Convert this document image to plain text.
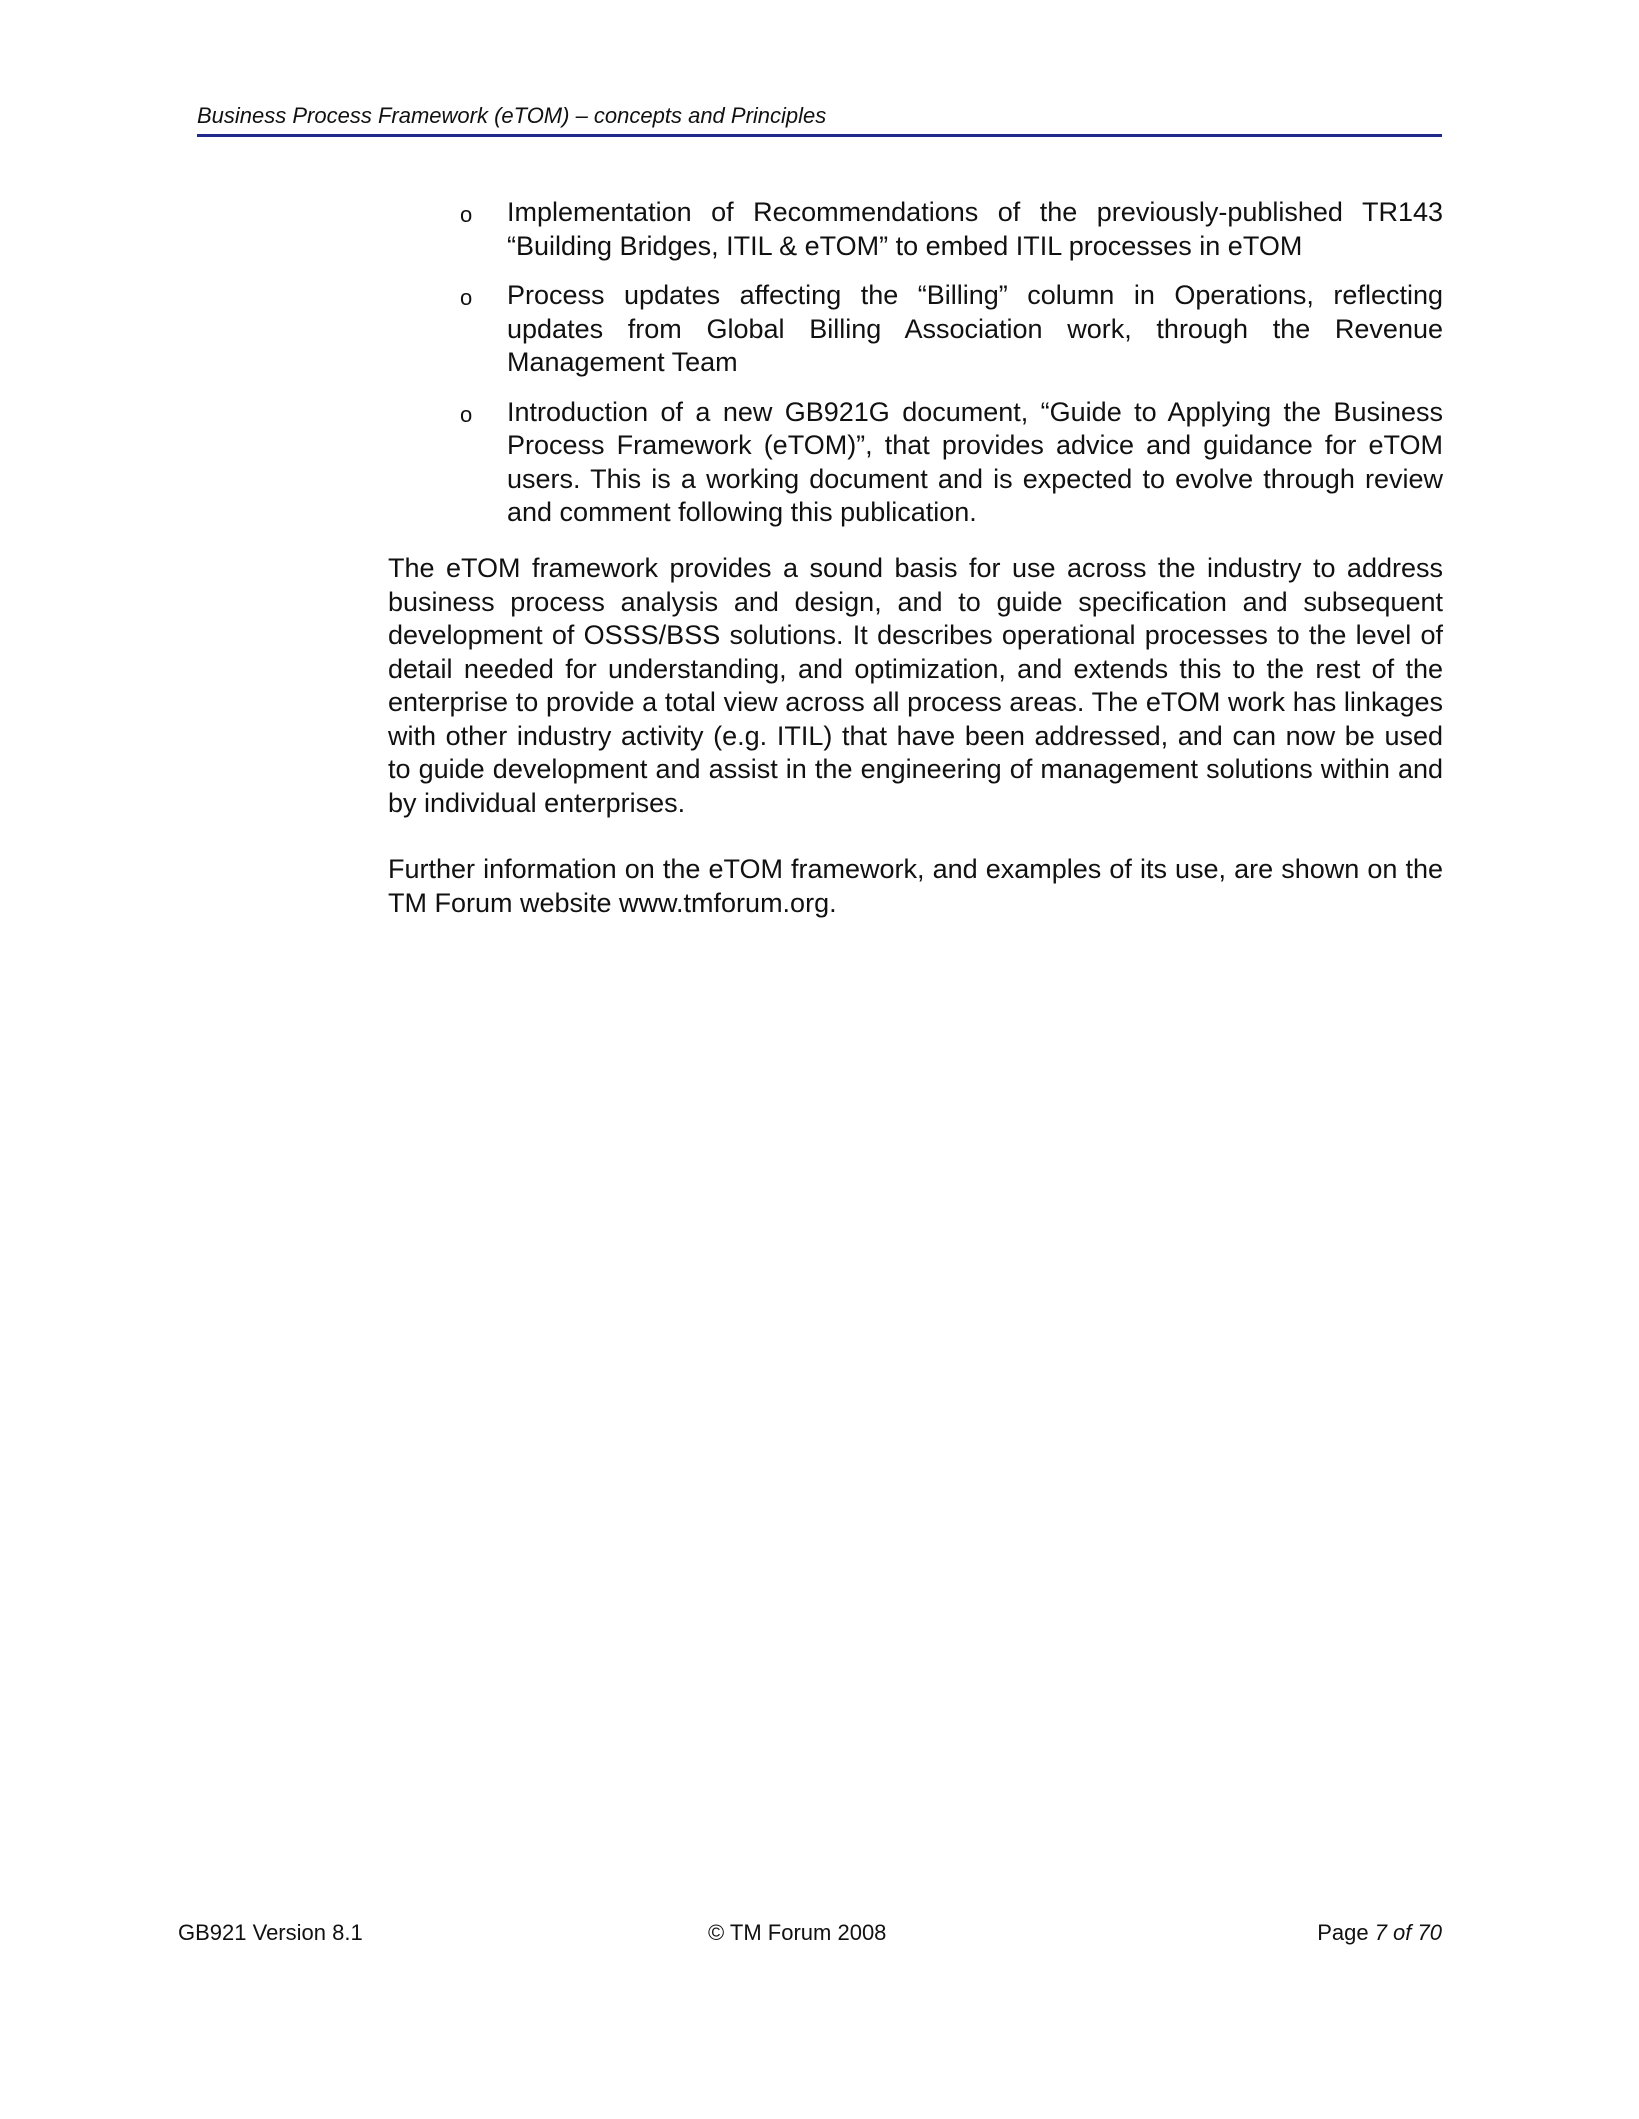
Business Process Framework (eTOM) – concepts and Principles
o Implementation of Recommendations of the previously-published TR143 “Building Bridges, ITIL & eTOM” to embed ITIL processes in eTOM
o Process updates affecting the “Billing” column in Operations, reflecting updates from Global Billing Association work, through the Revenue Management Team
o Introduction of a new GB921G document, “Guide to Applying the Business Process Framework (eTOM)”, that provides advice and guidance for eTOM users. This is a working document and is expected to evolve through review and comment following this publication.

The eTOM framework provides a sound basis for use across the industry to address business process analysis and design, and to guide specification and subsequent development of OSSS/BSS solutions. It describes operational processes to the level of detail needed for understanding, and optimization, and extends this to the rest of the enterprise to provide a total view across all process areas. The eTOM work has linkages with other industry activity (e.g. ITIL) that have been addressed, and can now be used to guide development and assist in the engineering of management solutions within and by individual enterprises.

Further information on the eTOM framework, and examples of its use, are shown on the TM Forum website www.tmforum.org.

GB921 Version 8.1	© TM Forum 2008	Page 7 of 70
